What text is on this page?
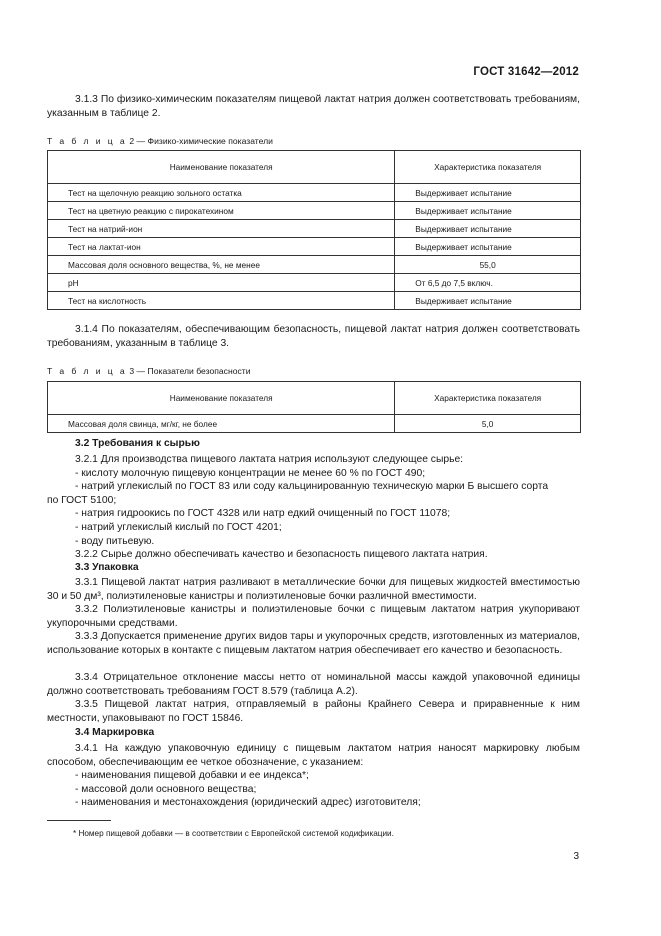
ГОСТ 31642—2012

3.1.3 По физико-химическим показателям пищевой лактат натрия должен соответствовать требованиям, указанным в таблице 2.

Т а б л и ц а 2 — Физико-химические показатели

Наименование показателя	Характеристика показателя
Тест на щелочную реакцию зольного остатка	Выдерживает испытание
Тест на цветную реакцию с пирокатехином	Выдерживает испытание
Тест на натрий-ион	Выдерживает испытание
Тест на лактат-ион	Выдерживает испытание
Массовая доля основного вещества, %, не менее	55,0
pH	От 6,5 до 7,5 включ.
Тест на кислотность	Выдерживает испытание

3.1.4 По показателям, обеспечивающим безопасность, пищевой лактат натрия должен соответствовать требованиям, указанным в таблице 3.

Т а б л и ц а 3 — Показатели безопасности

Наименование показателя	Характеристика показателя
Массовая доля свинца, мг/кг, не более	5,0

3.2 Требования к сырью

3.2.1 Для производства пищевого лактата натрия используют следующее сырье:

- кислоту молочную пищевую концентрации не менее 60 % по ГОСТ 490;

- натрий углекислый по ГОСТ 83 или соду кальцинированную техническую марки Б высшего сорта

по ГОСТ 5100;

- натрия гидроокись по ГОСТ 4328 или натр едкий очищенный по ГОСТ 11078;

- натрий углекислый кислый по ГОСТ 4201;

- воду питьевую.

3.2.2 Сырье должно обеспечивать качество и безопасность пищевого лактата натрия.

3.3 Упаковка

3.3.1 Пищевой лактат натрия разливают в металлические бочки для пищевых жидкостей вместимостью 30 и 50 дм³, полиэтиленовые канистры и полиэтиленовые бочки различной вместимости.

3.3.2 Полиэтиленовые канистры и полиэтиленовые бочки с пищевым лактатом натрия укупоривают укупорочными средствами.

3.3.3 Допускается применение других видов тары и укупорочных средств, изготовленных из материалов, использование которых в контакте с пищевым лактатом натрия обеспечивает его качество и безопасность.

3.3.4 Отрицательное отклонение массы нетто от номинальной массы каждой упаковочной единицы должно соответствовать требованиям ГОСТ 8.579 (таблица А.2).

3.3.5 Пищевой лактат натрия, отправляемый в районы Крайнего Севера и приравненные к ним местности, упаковывают по ГОСТ 15846.

3.4 Маркировка

3.4.1 На каждую упаковочную единицу с пищевым лактатом натрия наносят маркировку любым способом, обеспечивающим ее четкое обозначение, с указанием:

- наименования пищевой добавки и ее индекса*;

- массовой доли основного вещества;

- наименования и местонахождения (юридический адрес) изготовителя;

* Номер пищевой добавки — в соответствии с Европейской системой кодификации.

3
